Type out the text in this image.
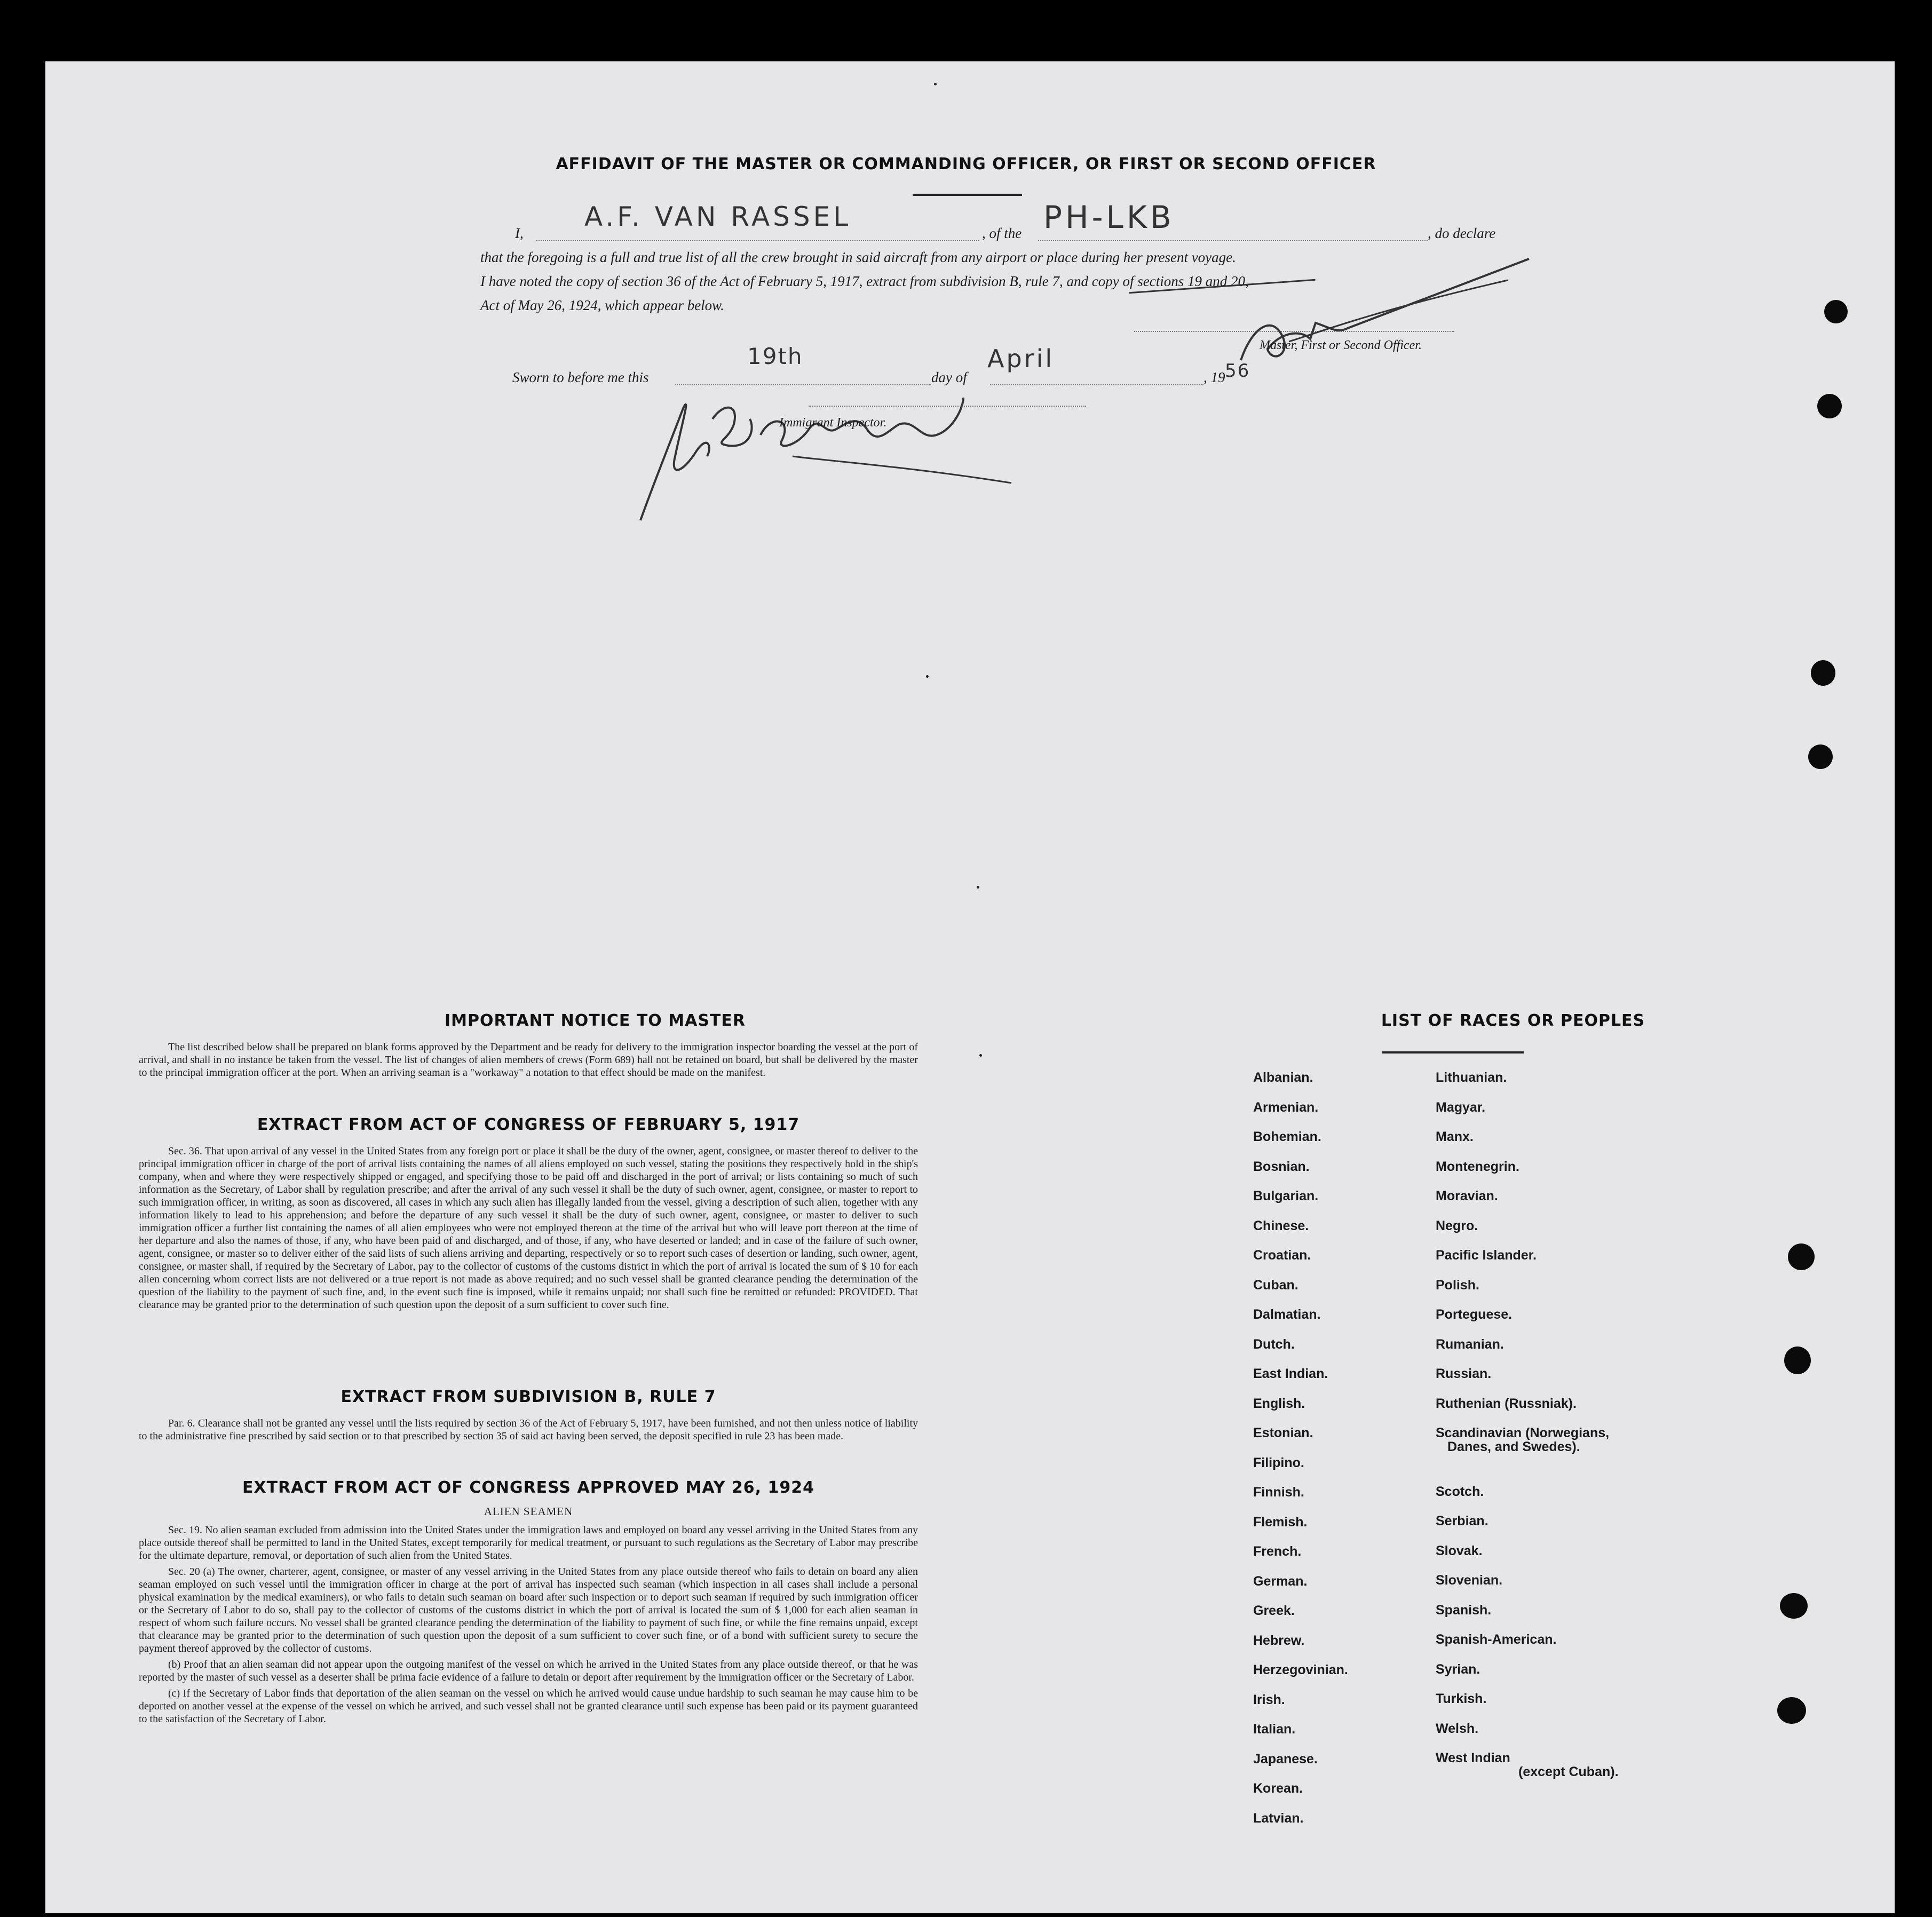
AFFIDAVIT OF THE MASTER OR COMMANDING OFFICER, OR FIRST OR SECOND OFFICER
I,
A.F. VAN RASSEL
, of the PH-LKB	, do declare
that the foregoing is a full and true list of all the crew brought in said aircraft from any airport or place during her present voyage.
I have noted the copy of section 36 of the Act of February 5, 1917, extract from subdivision B, rule 7, and copy of sections 19 and 20,
Act of May 26, 1924, which appear below.
Master, First or Second Officer.
Sworn to before me this
19th
day of
April
, 19 56
Immigrant Inspector.
IMPORTANT NOTICE TO MASTER

The list described below shall be prepared on blank forms approved by the Department and be ready for delivery to the immigration inspector boarding the vessel at the port of arrival, and shall in no instance be taken from the vessel. The list of changes of alien members of crews (Form 689) hall not be retained on board, but shall be delivered by the master to the principal immigration officer at the port. When an arriving seaman is a "workaway" a notation to that effect should be made on the manifest.

EXTRACT FROM ACT OF CONGRESS OF FEBRUARY 5, 1917

Sec. 36. That upon arrival of any vessel in the United States from any foreign port or place it shall be the duty of the owner, agent, consignee, or master thereof to deliver to the principal immigration officer in charge of the port of arrival lists containing the names of all aliens employed on such vessel, stating the positions they respectively hold in the ship's company, when and where they were respectively shipped or engaged, and specifying those to be paid off and discharged in the port of arrival; or lists containing so much of such information as the Secretary, of Labor shall by regulation prescribe; and after the arrival of any such vessel it shall be the duty of such owner, agent, consignee, or master to report to such immigration officer, in writing, as soon as discovered, all cases in which any such alien has illegally landed from the vessel, giving a description of such alien, together with any information likely to lead to his apprehension; and before the departure of any such vessel it shall be the duty of such owner, agent, consignee, or master to deliver to such immigration officer a further list containing the names of all alien employees who were not employed thereon at the time of the arrival but who will leave port thereon at the time of her departure and also the names of those, if any, who have been paid of and discharged, and of those, if any, who have deserted or landed; and in case of the failure of such owner, agent, consignee, or master so to deliver either of the said lists of such aliens arriving and departing, respectively or so to report such cases of desertion or landing, such owner, agent, consignee, or master shall, if required by the Secretary of Labor, pay to the collector of customs of the customs district in which the port of arrival is located the sum of $ 10 for each alien concerning whom correct lists are not delivered or a true report is not made as above required; and no such vessel shall be granted clearance pending the determination of the question of the liability to the payment of such fine, and, in the event such fine is imposed, while it remains unpaid; nor shall such fine be remitted or refunded: PROVIDED. That clearance may be granted prior to the determination of such question upon the deposit of a sum sufficient to cover such fine.

EXTRACT FROM SUBDIVISION B, RULE 7

Par. 6. Clearance shall not be granted any vessel until the lists required by section 36 of the Act of February 5, 1917, have been furnished, and not then unless notice of liability to the administrative fine prescribed by said section or to that prescribed by section 35 of said act having been served, the deposit specified in rule 23 has been made.

EXTRACT FROM ACT OF CONGRESS APPROVED MAY 26, 1924
ALIEN SEAMEN

Sec. 19. No alien seaman excluded from admission into the United States under the immigration laws and employed on board any vessel arriving in the United States from any place outside thereof shall be permitted to land in the United States, except temporarily for medical treatment, or pursuant to such regulations as the Secretary of Labor may prescribe for the ultimate departure, removal, or deportation of such alien from the United States.

Sec. 20 (a) The owner, charterer, agent, consignee, or master of any vessel arriving in the United States from any place outside thereof who fails to detain on board any alien seaman employed on such vessel until the immigration officer in charge at the port of arrival has inspected such seaman (which inspection in all cases shall include a personal physical examination by the medical examiners), or who fails to detain such seaman on board after such inspection or to deport such seaman if required by such immigration officer or the Secretary of Labor to do so, shall pay to the collector of customs of the customs district in which the port of arrival is located the sum of $ 1,000 for each alien seaman in respect of whom such failure occurs. No vessel shall be granted clearance pending the determination of the liability to payment of such fine, or while the fine remains unpaid, except that clearance may be granted prior to the determination of such question upon the deposit of a sum sufficient to cover such fine, or of a bond with sufficient surety to secure the payment thereof approved by the collector of customs.

(b) Proof that an alien seaman did not appear upon the outgoing manifest of the vessel on which he arrived in the United States from any place outside thereof, or that he was reported by the master of such vessel as a deserter shall be prima facie evidence of a failure to detain or deport after requirement by the immigration officer or the Secretary of Labor.

(c) If the Secretary of Labor finds that deportation of the alien seaman on the vessel on which he arrived would cause undue hardship to such seaman he may cause him to be deported on another vessel at the expense of the vessel on which he arrived, and such vessel shall not be granted clearance until such expense has been paid or its payment guaranteed to the satisfaction of the Secretary of Labor.

LIST OF RACES OR PEOPLES
Albanian.
Armenian.
Bohemian.
Bosnian.
Bulgarian.
Chinese.
Croatian.
Cuban.
Dalmatian.
Dutch.
East Indian.
English.
Estonian.
Filipino.
Finnish.
Flemish.
French.
German.
Greek.
Hebrew.
Herzegovinian.
Irish.
Italian.
Japanese.
Korean.
Latvian.
Lithuanian.
Magyar.
Manx.
Montenegrin.
Moravian.
Negro.
Pacific Islander.
Polish.
Porteguese.
Rumanian.
Russian.
Ruthenian (Russniak).
Scandinavian (Norwegians,
Danes, and Swedes).
Scotch.
Serbian.
Slovak.
Slovenian.
Spanish.
Spanish-American.
Syrian.
Turkish.
Welsh.
West Indian
(except Cuban).
